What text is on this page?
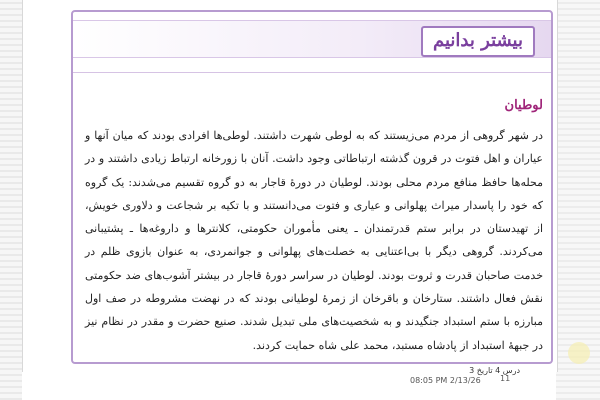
بیشتر بدانیم
لوطیان
در شهر گروهی از مردم می‌زیستند که به لوطی شهرت داشتند. لوطی‌ها افرادی بودند که میان آنها و عیاران و اهل فتوت در قرون گذشته ارتباطاتی وجود داشت. آنان با زورخانه ارتباط زیادی داشتند و در محله‌ها حافظ منافع مردم محلی بودند. لوطیان در دورهٔ قاجار به دو گروه تقسیم می‌شدند: یک گروه که خود را پاسدار میراث پهلوانی و عیاری و فتوت می‌دانستند و با تکیه بر شجاعت و دلاوری خویش، از تهیدستان در برابر ستم قدرتمندان ـ یعنی مأموران حکومتی، کلانترها و داروغه‌ها ـ پشتیبانی می‌کردند. گروهی دیگر با بی‌اعتنایی به خصلت‌های پهلوانی و جوانمردی، به عنوان بازوی ظلم در خدمت صاحبان قدرت و ثروت بودند. لوطیان در سراسر دورهٔ قاجار در بیشتر آشوب‌های ضد حکومتی نقش فعال داشتند. ستارخان و باقرخان از زمرهٔ لوطیانی بودند که در نهضت مشروطه در صف اول مبارزه با ستم استبداد جنگیدند و به شخصیت‌های ملی تبدیل شدند. صنیع حضرت و مقدر در نظام نیز در جبههٔ استبداد از پادشاه مستبد، محمد علی شاه حمایت کردند.
درس 4 تاریخ 3
08:05 PM 2/13/26 11
